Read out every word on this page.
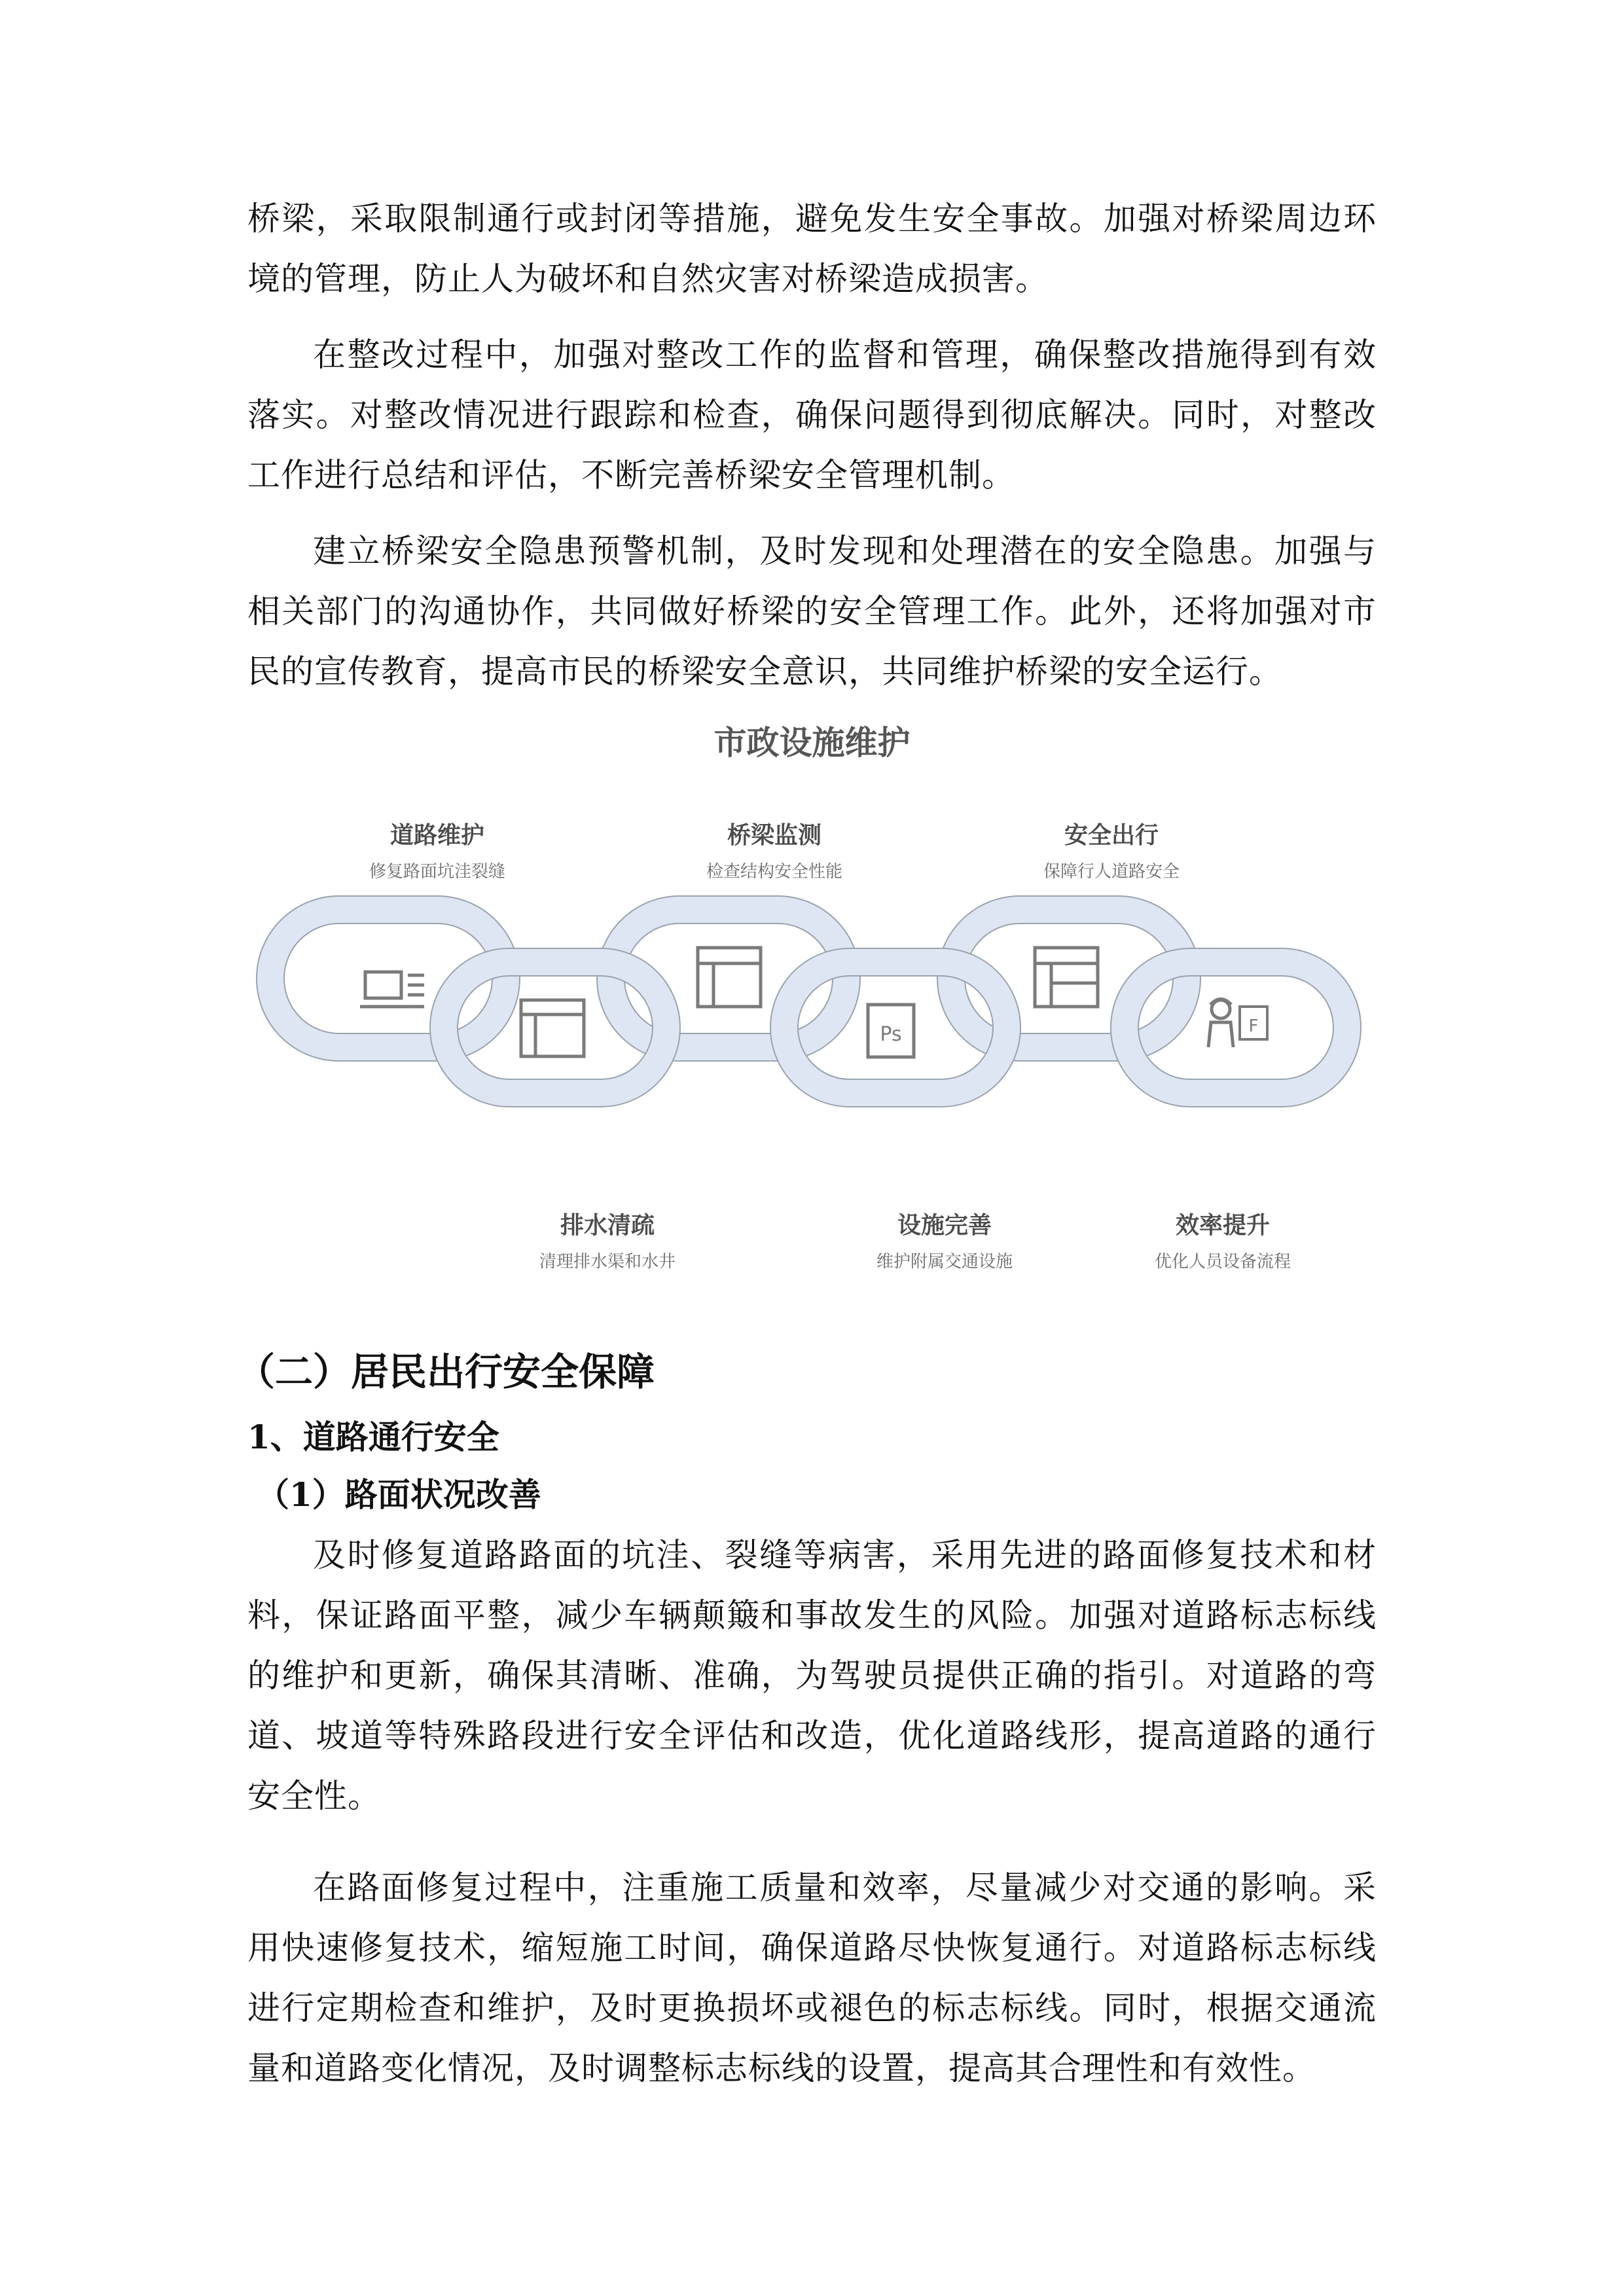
桥梁，采取限制通行或封闭等措施，避免发生安全事故。加强对桥梁周边环境的管理，防止人为破坏和自然灾害对桥梁造成损害。

在整改过程中，加强对整改工作的监督和管理，确保整改措施得到有效落实。对整改情况进行跟踪和检查，确保问题得到彻底解决。同时，对整改工作进行总结和评估，不断完善桥梁安全管理机制。

建立桥梁安全隐患预警机制，及时发现和处理潜在的安全隐患。加强与相关部门的沟通协作，共同做好桥梁的安全管理工作。此外，还将加强对市民的宣传教育，提高市民的桥梁安全意识，共同维护桥梁的安全运行。

市政设施维护
道路维护
修复路面坑洼裂缝
桥梁监测
检查结构安全性能
安全出行
保障行人道路安全
Ps	F
排水清疏
清理排水渠和水井
设施完善
维护附属交通设施
效率提升
优化人员设备流程
（二）居民出行安全保障
1、道路通行安全
（1）路面状况改善

及时修复道路路面的坑洼、裂缝等病害，采用先进的路面修复技术和材料，保证路面平整，减少车辆颠簸和事故发生的风险。加强对道路标志标线的维护和更新，确保其清晰、准确，为驾驶员提供正确的指引。对道路的弯道、坡道等特殊路段进行安全评估和改造，优化道路线形，提高道路的通行安全性。

在路面修复过程中，注重施工质量和效率，尽量减少对交通的影响。采用快速修复技术，缩短施工时间，确保道路尽快恢复通行。对道路标志标线进行定期检查和维护，及时更换损坏或褪色的标志标线。同时，根据交通流量和道路变化情况，及时调整标志标线的设置，提高其合理性和有效性。
